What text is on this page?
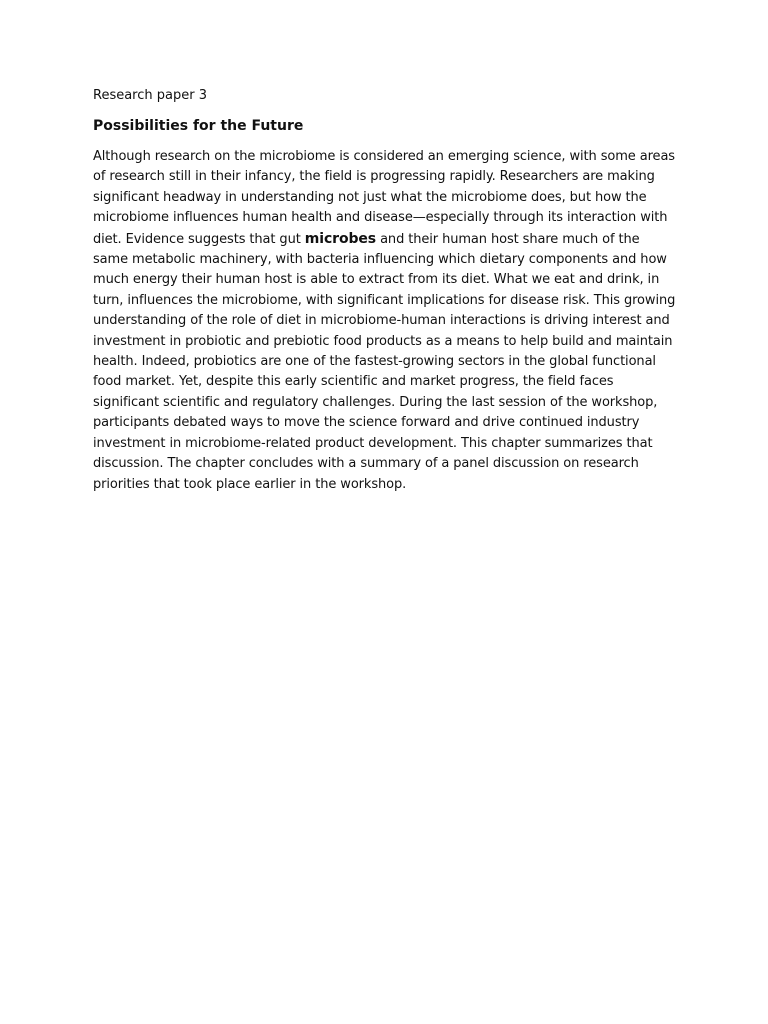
Research paper 3
Possibilities for the Future

Although research on the microbiome is considered an emerging science, with some areas of research still in their infancy, the field is progressing rapidly. Researchers are making significant headway in understanding not just what the microbiome does, but how the microbiome influences human health and disease—especially through its interaction with diet. Evidence suggests that gut microbes and their human host share much of the same metabolic machinery, with bacteria influencing which dietary components and how much energy their human host is able to extract from its diet. What we eat and drink, in turn, influences the microbiome, with significant implications for disease risk. This growing understanding of the role of diet in microbiome-human interactions is driving interest and investment in probiotic and prebiotic food products as a means to help build and maintain health. Indeed, probiotics are one of the fastest-growing sectors in the global functional food market. Yet, despite this early scientific and market progress, the field faces significant scientific and regulatory challenges. During the last session of the workshop, participants debated ways to move the science forward and drive continued industry investment in microbiome-related product development. This chapter summarizes that discussion. The chapter concludes with a summary of a panel discussion on research priorities that took place earlier in the workshop.
